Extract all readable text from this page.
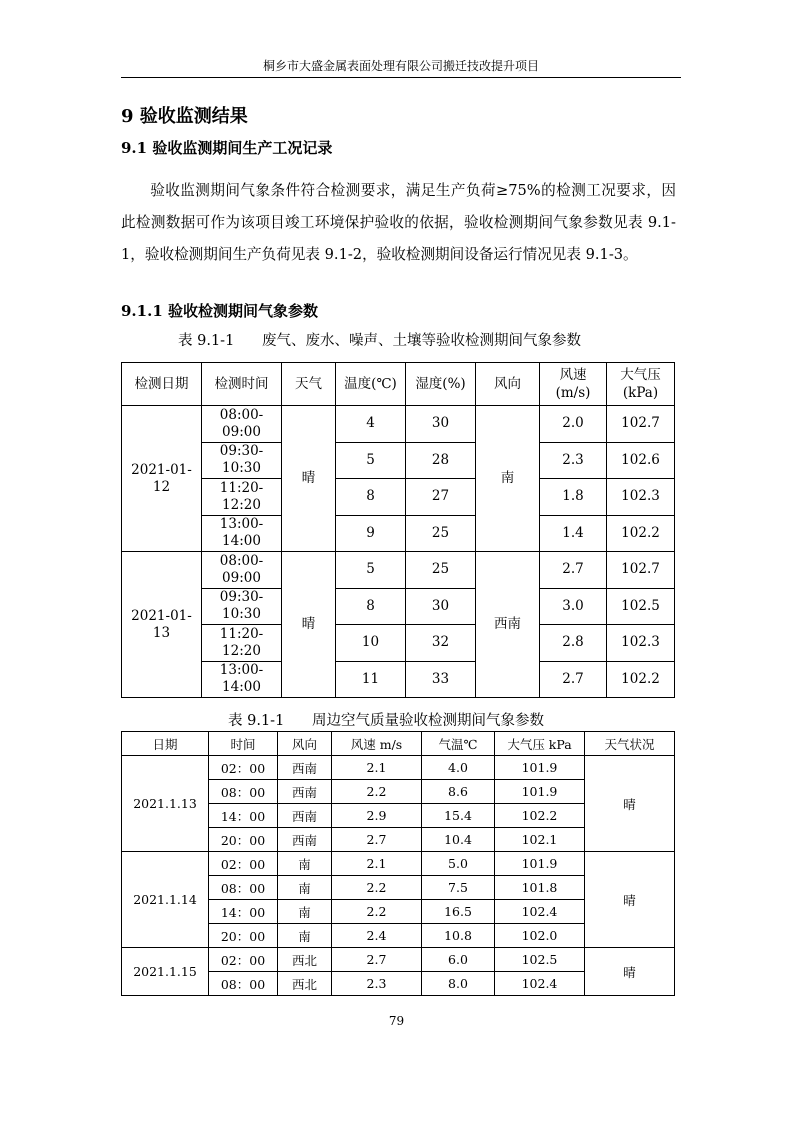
桐乡市大盛金属表面处理有限公司搬迁技改提升项目
9 验收监测结果
9.1 验收监测期间生产工况记录
验收监测期间气象条件符合检测要求，满足生产负荷≥75%的检测工况要求，因此检测数据可作为该项目竣工环境保护验收的依据，验收检测期间气象参数见表 9.1-1，验收检测期间生产负荷见表 9.1-2，验收检测期间设备运行情况见表 9.1-3。
9.1.1 验收检测期间气象参数
表 9.1-1      废气、废水、噪声、土壤等验收检测期间气象参数
检测日期	检测时间	天气	温度(℃)	湿度(%)	风向	风速
(m/s)	大气压
(kPa)
2021-01-
12	08:00-
09:00	晴	4	30	南	2.0	102.7
	09:30-
10:30		5	28		2.3	102.6
	11:20-
12:20		8	27		1.8	102.3
	13:00-
14:00		9	25		1.4	102.2
2021-01-
13	08:00-
09:00	晴	5	25	西南	2.7	102.7
	09:30-
10:30		8	30		3.0	102.5
	11:20-
12:20		10	32		2.8	102.3
	13:00-
14:00		11	33		2.7	102.2
表 9.1-1      周边空气质量验收检测期间气象参数
日期	时间	风向	风速 m/s	气温℃	大气压 kPa	天气状况
2021.1.13	02：00	西南	2.1	4.0	101.9	晴
	08：00	西南	2.2	8.6	101.9	
	14：00	西南	2.9	15.4	102.2	
	20：00	西南	2.7	10.4	102.1	
2021.1.14	02：00	南	2.1	5.0	101.9	晴
	08：00	南	2.2	7.5	101.8	
	14：00	南	2.2	16.5	102.4	
	20：00	南	2.4	10.8	102.0	
2021.1.15	02：00	西北	2.7	6.0	102.5	晴
	08：00	西北	2.3	8.0	102.4	
79
